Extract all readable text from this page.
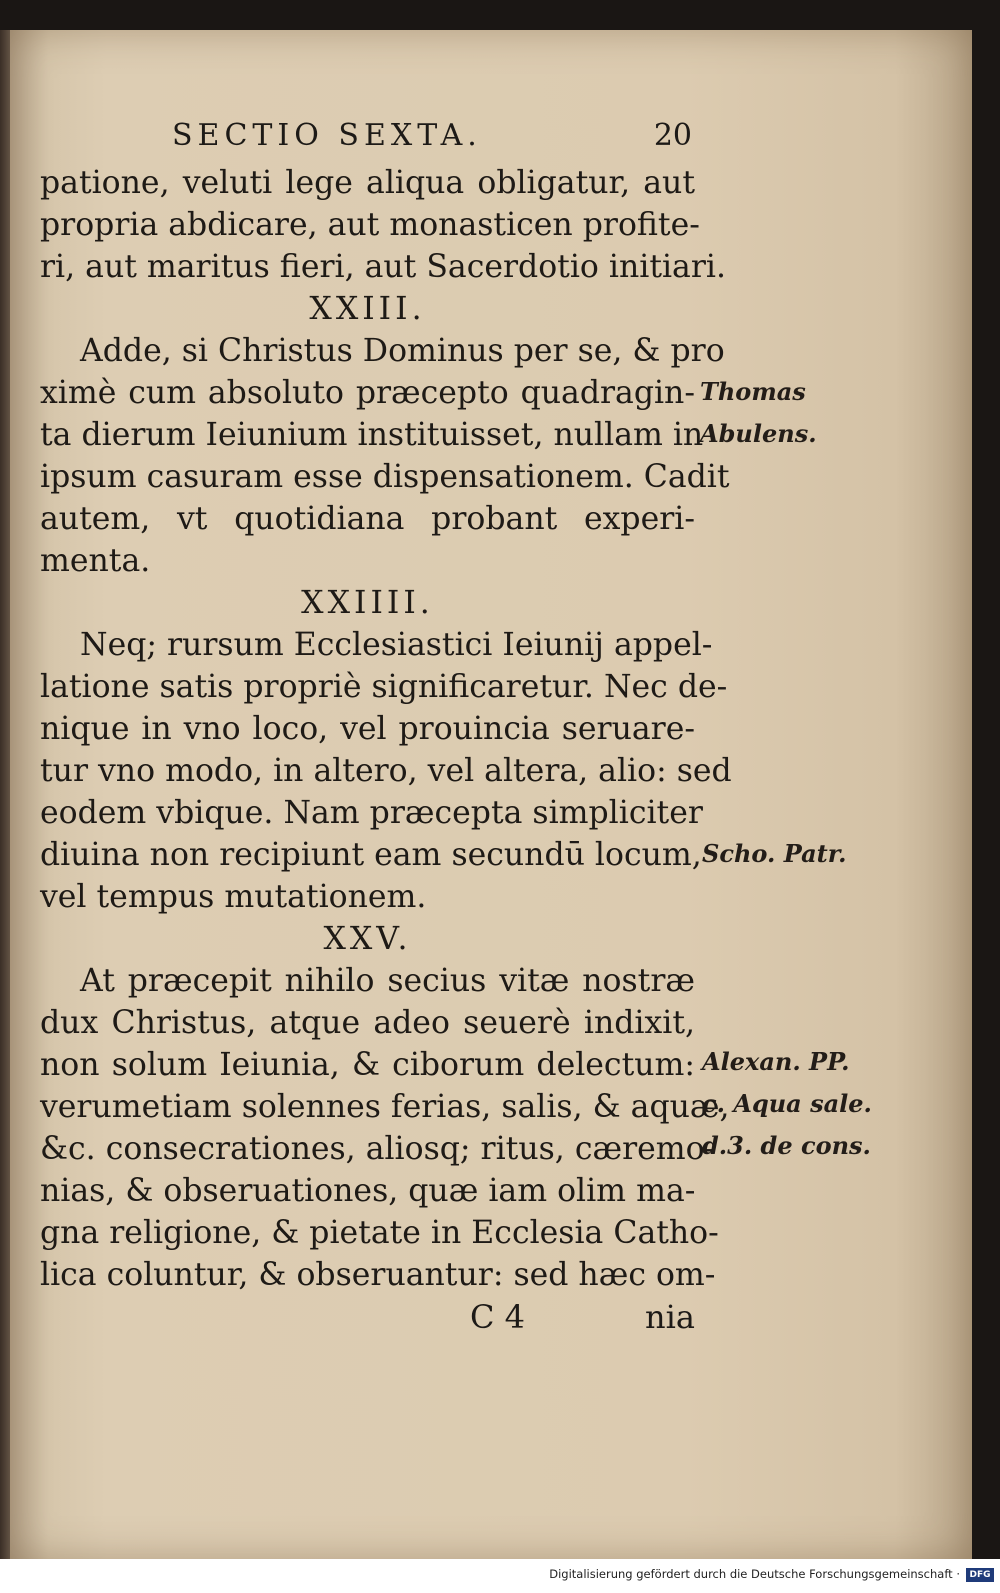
SECTIO SEXTA.	20
patione, veluti lege aliqua obligatur, aut
propria abdicare, aut monasticen profite-
ri, aut maritus fieri, aut Sacerdotio initiari.
XXIII.
Adde, si Christus Dominus per se, & pro
ximè cum absoluto præcepto quadragin-
ta dierum Ieiunium instituisset, nullam in
ipsum casuram esse dispensationem. Cadit
autem, vt quotidiana probant experi-
menta.
XXIIII.
Neq; rursum Ecclesiastici Ieiunij appel-
latione satis propriè significaretur. Nec de-
nique in vno loco, vel prouincia seruare-
tur vno modo, in altero, vel altera, alio: sed
eodem vbique. Nam præcepta simpliciter
diuina non recipiunt eam secundū locum,
vel tempus mutationem.
XXV.
At præcepit nihilo secius vitæ nostræ
dux Christus, atque adeo seuerè indixit,
non solum Ieiunia, & ciborum delectum:
verumetiam solennes ferias, salis, & aquæ,
&c. consecrationes, aliosq; ritus, cæremo-
nias, & obseruationes, quæ iam olim ma-
gna religione, & pietate in Ecclesia Catho-
lica coluntur, & obseruantur: sed hæc om-
Thomas
Abulens.
Scho. Patr.
Alexan. PP.
c. Aqua sale.
d.3. de cons.
C 4	nia
Digitalisierung gefördert durch die Deutsche Forschungsgemeinschaft ·	DFG
